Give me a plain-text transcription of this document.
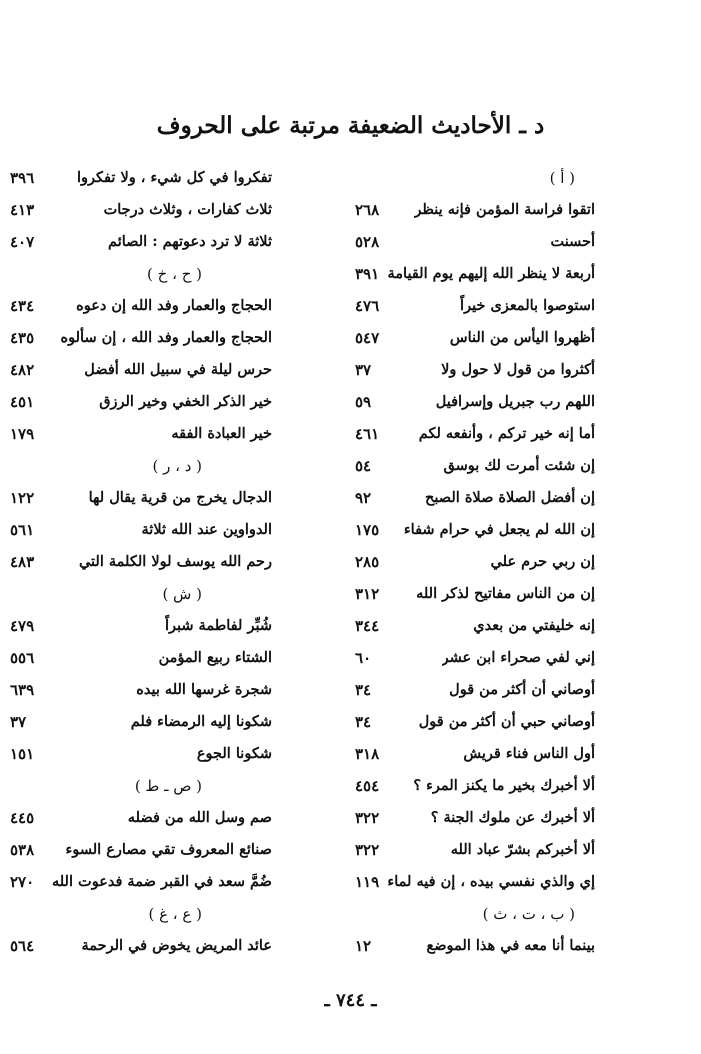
د ـ الأحاديث الضعيفة مرتبة على الحروف
( أ )
اتقوا فراسة المؤمن فإنه ينظر
٢٦٨
أحسنت
٥٢٨
أربعة لا ينظر الله إليهم يوم القيامة
٣٩١
استوصوا بالمعزى خيراً
٤٧٦
أظهروا اليأس من الناس
٥٤٧
أكثروا من قول لا حول ولا
٣٧
اللهم رب جبريل وإسرافيل
٥٩
أما إنه خير تركم ، وأنفعه لكم
٤٦١
إن شئت أمرت لك بوسق
٥٤
إن أفضل الصلاة صلاة الصبح
٩٢
إن الله لم يجعل في حرام شفاء
١٧٥
إن ربي حرم علي
٢٨٥
إن من الناس مفاتيح لذكر الله
٣١٢
إنه خليفتي من بعدي
٣٤٤
إني لفي صحراء ابن عشر
٦٠
أوصاني أن أكثر من قول
٣٤
أوصاني حبي أن أكثر من قول
٣٤
أول الناس فناء قريش
٣١٨
ألا أخبرك بخير ما يكنز المرء ؟
٤٥٤
ألا أخبرك عن ملوك الجنة ؟
٣٢٢
ألا أخبركم بشرّ عباد الله
٣٢٢
إي والذي نفسي بيده ، إن فيه لماء
١١٩
( ب ، ت ، ث )
بينما أنا معه في هذا الموضع
١٢
تفكروا في كل شيء ، ولا تفكروا
٣٩٦
ثلاث كفارات ، وثلاث درجات
٤١٣
ثلاثة لا ترد دعوتهم : الصائم
٤٠٧
( ح ، خ )
الحجاج والعمار وفد الله إن دعوه
٤٣٤
الحجاج والعمار وفد الله ، إن سألوه
٤٣٥
حرس ليلة في سبيل الله أفضل
٤٨٢
خير الذكر الخفي وخير الرزق
٤٥١
خير العبادة الفقه
١٧٩
( د ، ر )
الدجال يخرج من قرية يقال لها
١٢٢
الدواوين عند الله ثلاثة
٥٦١
رحم الله يوسف لولا الكلمة التي
٤٨٣
( ش )
شُبِّر لفاطمة شبراً
٤٧٩
الشتاء ربيع المؤمن
٥٥٦
شجرة غرسها الله بيده
٦٣٩
شكونا إليه الرمضاء فلم
٣٧
شكونا الجوع
١٥١
( ص ـ ط )
صم وسل الله من فضله
٤٤٥
صنائع المعروف تقي مصارع السوء
٥٣٨
ضُمَّ سعد في القبر ضمة فدعوت الله
٢٧٠
( ع ، غ )
عائد المريض يخوض في الرحمة
٥٦٤
ـ ٧٤٤ ـ
